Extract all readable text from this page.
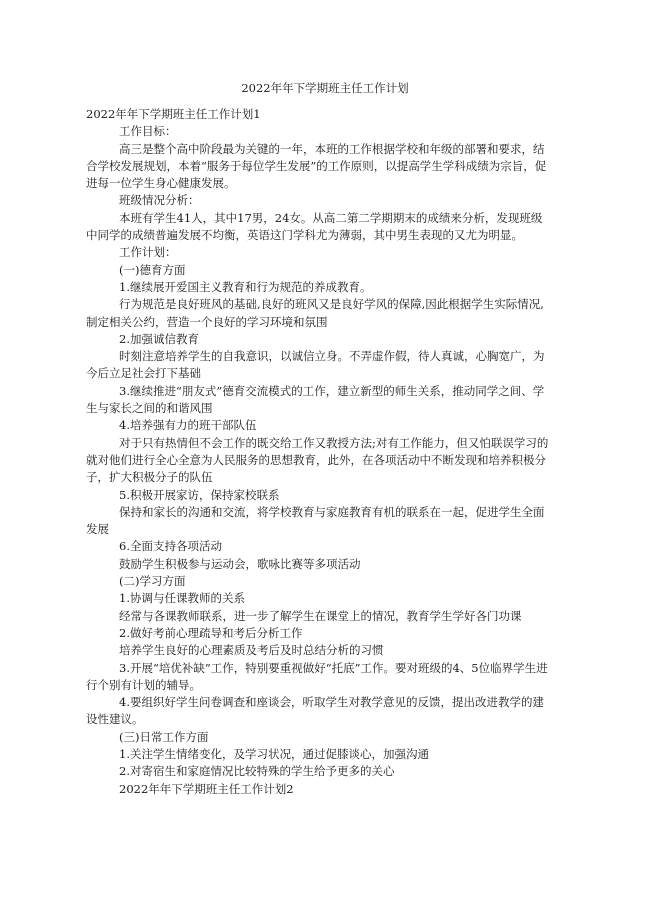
2022年年下学期班主任工作计划

2022年年下学期班主任工作计划1

工作目标：

高三是整个高中阶段最为关键的一年，本班的工作根据学校和年级的部署和要求，结合学校发展规划，本着“服务于每位学生发展”的工作原则，以提高学生学科成绩为宗旨，促进每一位学生身心健康发展。

班级情况分析：

本班有学生41人，其中17男，24女。从高二第二学期期末的成绩来分析，发现班级中同学的成绩普遍发展不均衡，英语这门学科尤为薄弱，其中男生表现的又尤为明显。

工作计划：

(一)德育方面

1.继续展开爱国主义教育和行为规范的养成教育。

行为规范是良好班风的基础,良好的班风又是良好学风的保障,因此根据学生实际情况,制定相关公约，营造一个良好的学习环境和氛围

2.加强诚信教育

时刻注意培养学生的自我意识，以诚信立身。不弄虚作假，待人真诚，心胸宽广，为今后立足社会打下基础

3.继续推进“朋友式”德育交流模式的工作，建立新型的师生关系，推动同学之间、学生与家长之间的和谐风围

4.培养强有力的班干部队伍

对于只有热情但不会工作的既交给工作又教授方法;对有工作能力，但又怕联误学习的就对他们进行全心全意为人民服务的思想教育，此外，在各项活动中不断发现和培养积极分子，扩大积极分子的队伍

5.积极开展家访，保持家校联系

保持和家长的沟通和交流，将学校教育与家庭教育有机的联系在一起，促进学生全面发展

6.全面支持各项活动

鼓励学生积极参与运动会，歌咏比赛等多项活动

(二)学习方面

1.协调与任课教师的关系

经常与各课教师联系，进一步了解学生在课堂上的情况，教育学生学好各门功课

2.做好考前心理疏导和考后分析工作

培养学生良好的心理素质及考后及时总结分析的习惯

3.开展“培优补缺”工作，特别要重视做好“托底”工作。要对班级的4、5位临界学生进行个别有计划的辅导。

4.要组织好学生问卷调查和座谈会，听取学生对教学意见的反馈，提出改进教学的建设性建议。

(三)日常工作方面

1.关注学生情绪变化，及学习状况，通过促膝谈心，加强沟通

2.对寄宿生和家庭情况比较特殊的学生给予更多的关心

2022年年下学期班主任工作计划2
